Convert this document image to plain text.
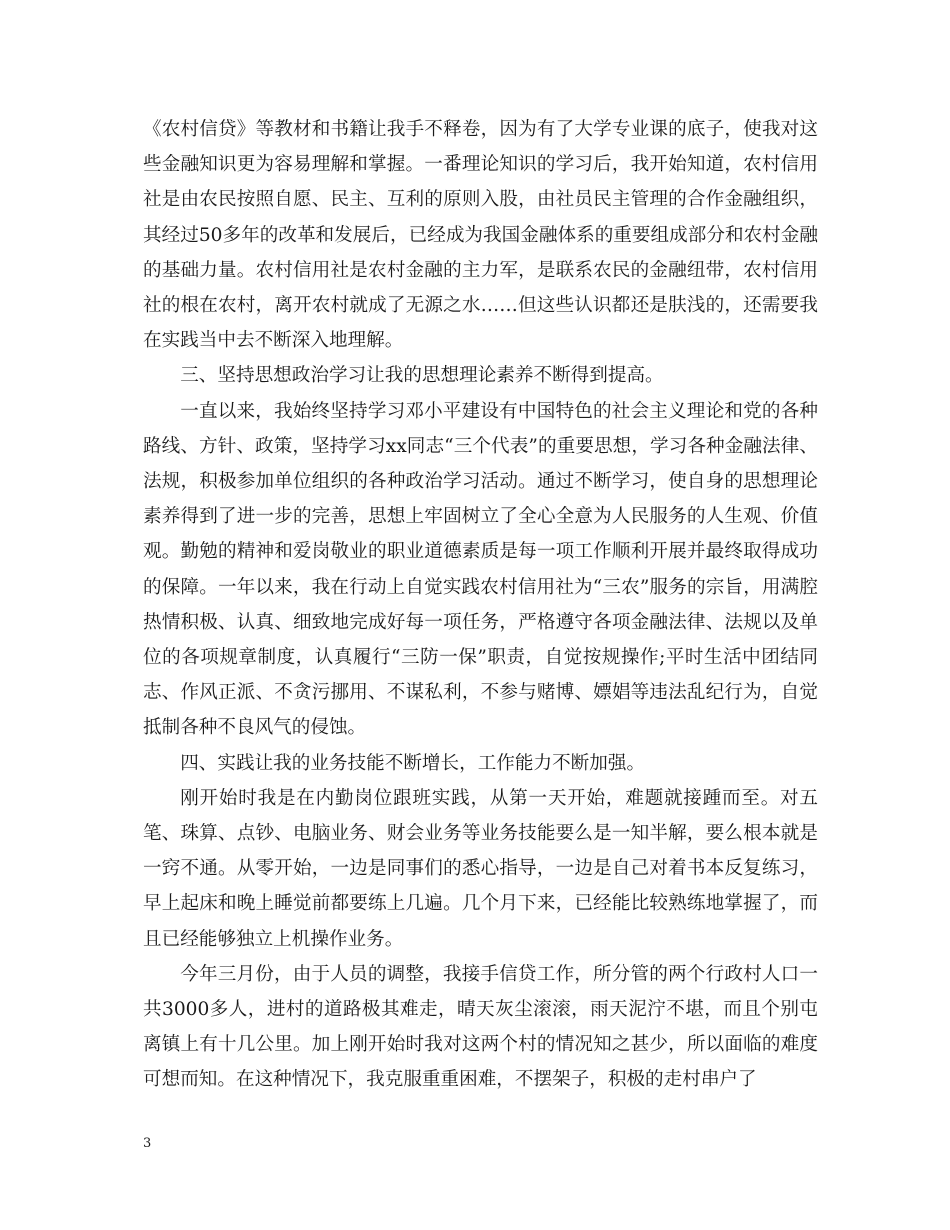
《农村信贷》等教材和书籍让我手不释卷，因为有了大学专业课的底子，使我对这些金融知识更为容易理解和掌握。一番理论知识的学习后，我开始知道，农村信用社是由农民按照自愿、民主、互利的原则入股，由社员民主管理的合作金融组织，其经过50多年的改革和发展后，已经成为我国金融体系的重要组成部分和农村金融的基础力量。农村信用社是农村金融的主力军，是联系农民的金融纽带，农村信用社的根在农村，离开农村就成了无源之水……但这些认识都还是肤浅的，还需要我在实践当中去不断深入地理解。

三、坚持思想政治学习让我的思想理论素养不断得到提高。

一直以来，我始终坚持学习邓小平建设有中国特色的社会主义理论和党的各种路线、方针、政策，坚持学习xx同志“三个代表”的重要思想，学习各种金融法律、法规，积极参加单位组织的各种政治学习活动。通过不断学习，使自身的思想理论素养得到了进一步的完善，思想上牢固树立了全心全意为人民服务的人生观、价值观。勤勉的精神和爱岗敬业的职业道德素质是每一项工作顺利开展并最终取得成功的保障。一年以来，我在行动上自觉实践农村信用社为“三农”服务的宗旨，用满腔热情积极、认真、细致地完成好每一项任务，严格遵守各项金融法律、法规以及单位的各项规章制度，认真履行“三防一保”职责，自觉按规操作;平时生活中团结同志、作风正派、不贪污挪用、不谋私利，不参与赌博、嫖娼等违法乱纪行为，自觉抵制各种不良风气的侵蚀。

四、实践让我的业务技能不断增长，工作能力不断加强。

刚开始时我是在内勤岗位跟班实践，从第一天开始，难题就接踵而至。对五笔、珠算、点钞、电脑业务、财会业务等业务技能要么是一知半解，要么根本就是一窍不通。从零开始，一边是同事们的悉心指导，一边是自己对着书本反复练习，早上起床和晚上睡觉前都要练上几遍。几个月下来，已经能比较熟练地掌握了，而且已经能够独立上机操作业务。

今年三月份，由于人员的调整，我接手信贷工作，所分管的两个行政村人口一共3000多人，进村的道路极其难走，晴天灰尘滚滚，雨天泥泞不堪，而且个别屯离镇上有十几公里。加上刚开始时我对这两个村的情况知之甚少，所以面临的难度可想而知。在这种情况下，我克服重重困难，不摆架子，积极的走村串户了

3
